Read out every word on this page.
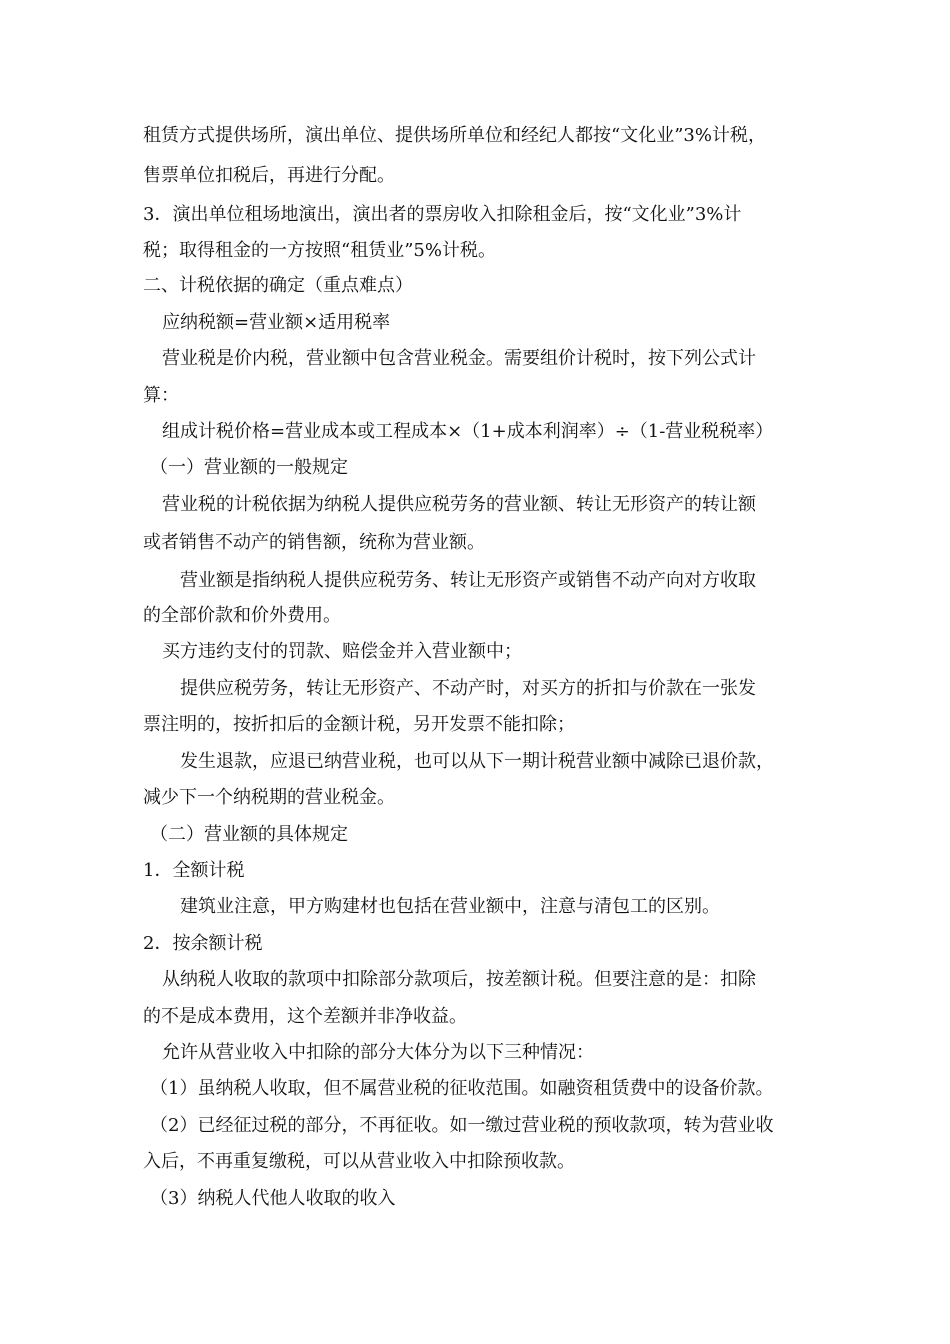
租赁方式提供场所，演出单位、提供场所单位和经纪人都按“文化业”3%计税，

售票单位扣税后，再进行分配。

3．演出单位租场地演出，演出者的票房收入扣除租金后，按“文化业”3%计

税；取得租金的一方按照“租赁业”5%计税。

二、计税依据的确定（重点难点）

应纳税额=营业额×适用税率

营业税是价内税，营业额中包含营业税金。需要组价计税时，按下列公式计

算：

组成计税价格=营业成本或工程成本×（1+成本利润率）÷（1-营业税税率）

（一）营业额的一般规定

营业税的计税依据为纳税人提供应税劳务的营业额、转让无形资产的转让额

或者销售不动产的销售额，统称为营业额。

营业额是指纳税人提供应税劳务、转让无形资产或销售不动产向对方收取

的全部价款和价外费用。

买方违约支付的罚款、赔偿金并入营业额中；

提供应税劳务，转让无形资产、不动产时，对买方的折扣与价款在一张发

票注明的，按折扣后的金额计税，另开发票不能扣除；

发生退款，应退已纳营业税，也可以从下一期计税营业额中减除已退价款，

减少下一个纳税期的营业税金。

（二）营业额的具体规定

1．全额计税

建筑业注意，甲方购建材也包括在营业额中，注意与清包工的区别。

2．按余额计税

从纳税人收取的款项中扣除部分款项后，按差额计税。但要注意的是：扣除

的不是成本费用，这个差额并非净收益。

允许从营业收入中扣除的部分大体分为以下三种情况：

（1）虽纳税人收取，但不属营业税的征收范围。如融资租赁费中的设备价款。

（2）已经征过税的部分，不再征收。如一缴过营业税的预收款项，转为营业收

入后，不再重复缴税，可以从营业收入中扣除预收款。

（3）纳税人代他人收取的收入
